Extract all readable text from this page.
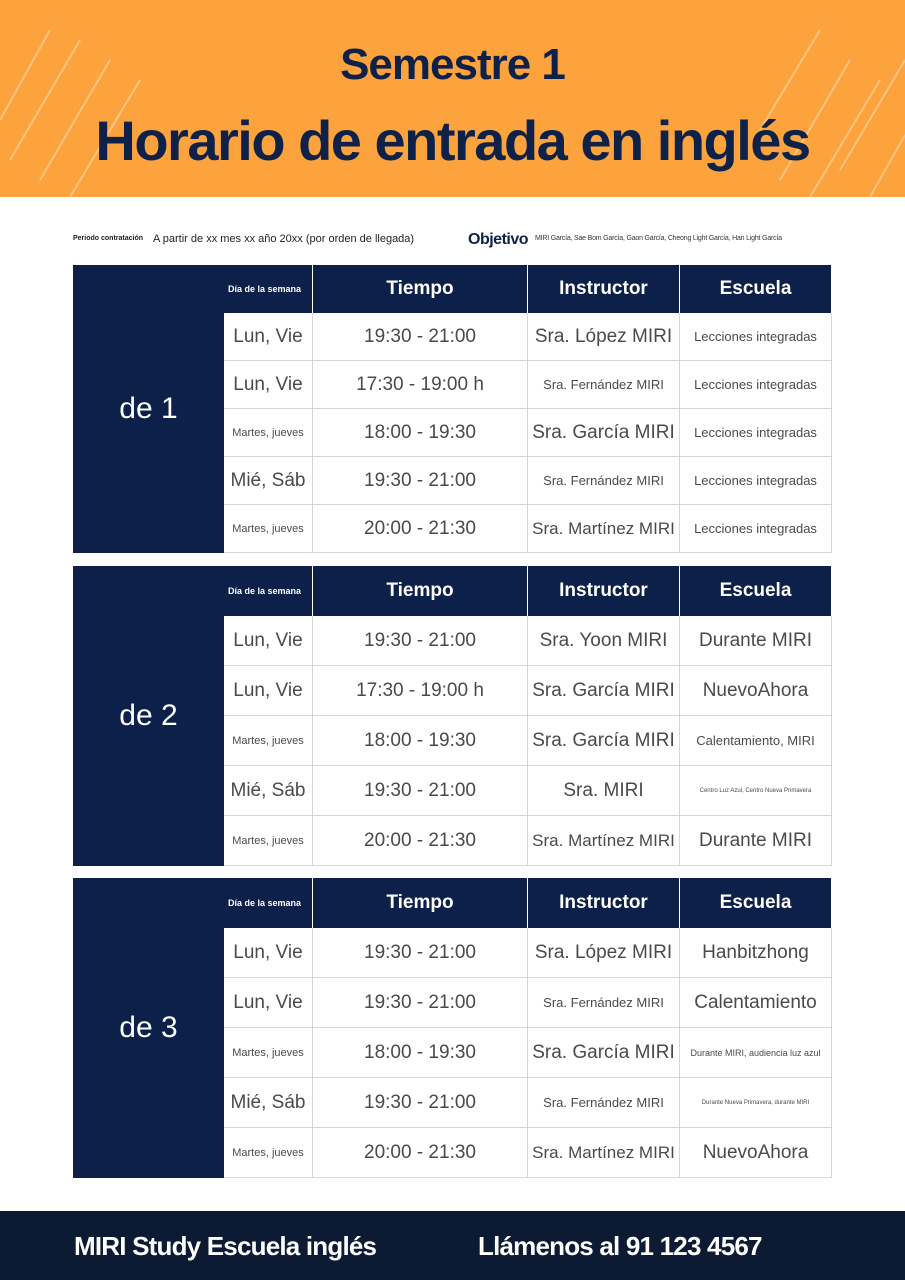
Semestre 1
Horario de entrada en inglés
Periodo contratación A partir de xx mes xx año 20xx (por orden de llegada)	Objetivo MIRI García, Sae Bom García, Gaon García, Cheong Light García, Han Light García
de 1
Día de la semana	Tiempo	Instructor	Escuela
Lun, Vie	19:30 - 21:00	Sra. López MIRI	Lecciones integradas
Lun, Vie	17:30 - 19:00 h	Sra. Fernández MIRI	Lecciones integradas
Martes, jueves	18:00 - 19:30	Sra. García MIRI	Lecciones integradas
Mié, Sáb	19:30 - 21:00	Sra. Fernández MIRI	Lecciones integradas
Martes, jueves	20:00 - 21:30	Sra. Martínez MIRI	Lecciones integradas
de 2
Día de la semana	Tiempo	Instructor	Escuela
Lun, Vie	19:30 - 21:00	Sra. Yoon MIRI	Durante MIRI
Lun, Vie	17:30 - 19:00 h	Sra. García MIRI	NuevoAhora
Martes, jueves	18:00 - 19:30	Sra. García MIRI	Calentamiento, MIRI
Mié, Sáb	19:30 - 21:00	Sra. MIRI	Centro Luz Azul, Centro Nueva Primavera
Martes, jueves	20:00 - 21:30	Sra. Martínez MIRI	Durante MIRI
de 3
Día de la semana	Tiempo	Instructor	Escuela
Lun, Vie	19:30 - 21:00	Sra. López MIRI	Hanbitzhong
Lun, Vie	19:30 - 21:00	Sra. Fernández MIRI	Calentamiento
Martes, jueves	18:00 - 19:30	Sra. García MIRI	Durante MIRI, audiencia luz azul
Mié, Sáb	19:30 - 21:00	Sra. Fernández MIRI	Durante Nueva Primavera, durante MIRI
Martes, jueves	20:00 - 21:30	Sra. Martínez MIRI	NuevoAhora
MIRI Study Escuela inglés	Llámenos al 91 123 4567
